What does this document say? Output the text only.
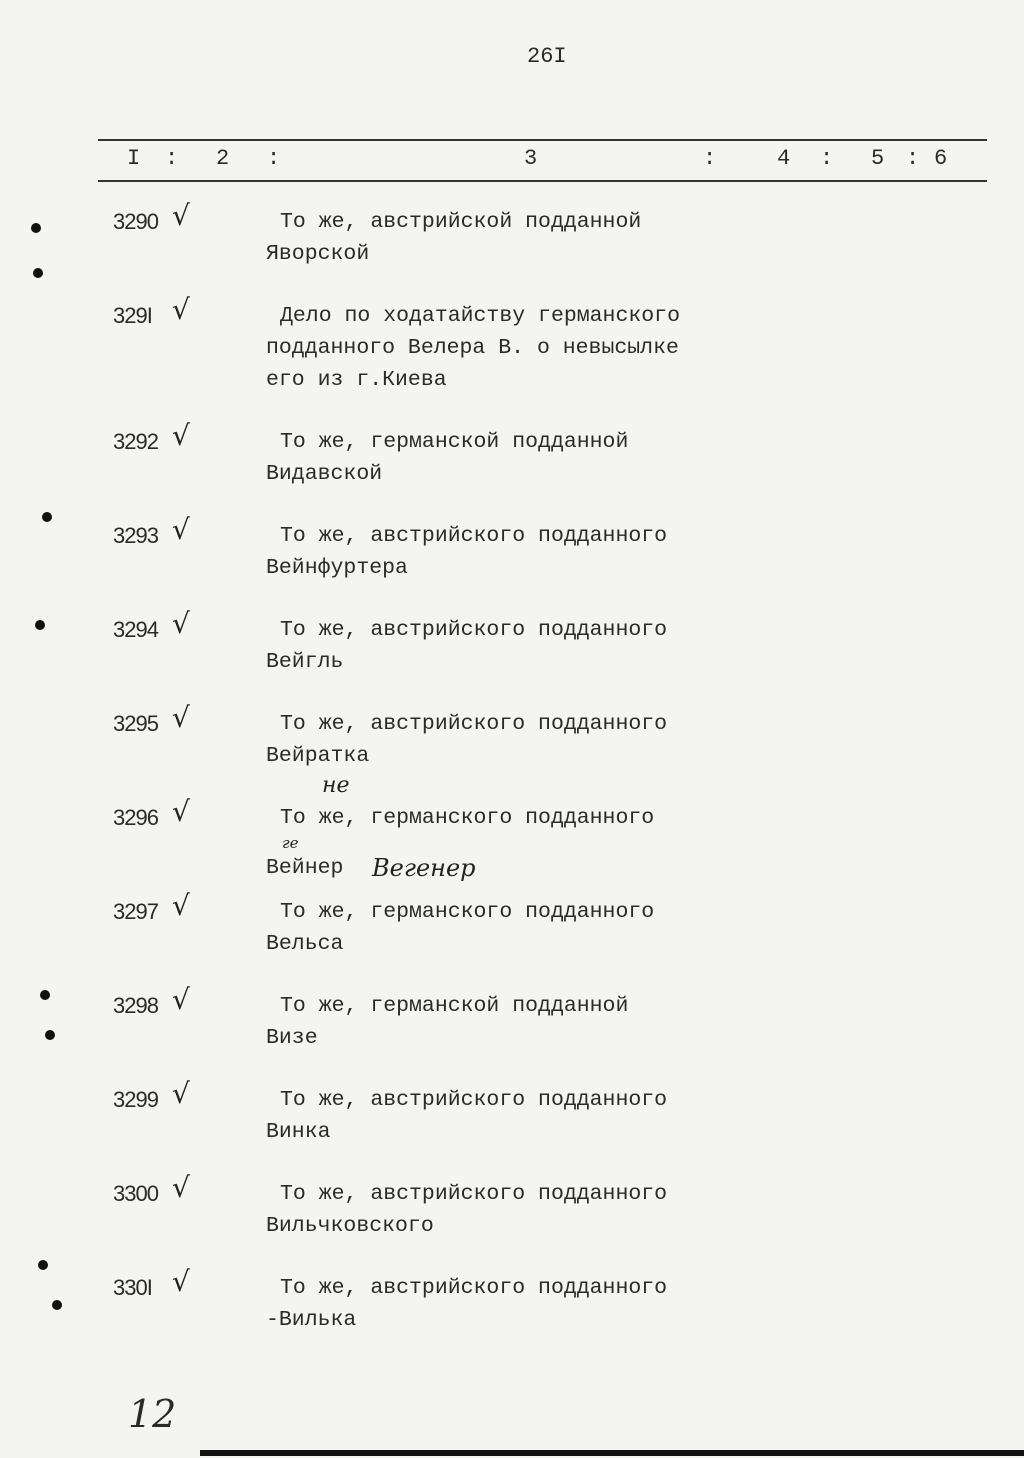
26I
I : 2 :	3	:	4 : 5 : 6
3290 √	То же, австрийской подданной
Яворской
329I √	Дело по ходатайству германского
подданного Велера В. о невысылке
его из г.Киева
3292 √	То же, германской подданной
Видавской
3293 √	То же, австрийского подданного
Вейнфуртера
3294 √	То же, австрийского подданного
Вейгль
3295 √	То же, австрийского подданного
Вейратка
не
3296 √	То же, германского подданного
Вейнер
ге
Вегенер
3297 √	То же, германского подданного
Вельса
3298 √	То же, германской подданной
Визе
3299 √	То же, австрийского подданного
Винка
3300 √	То же, австрийского подданного
Вильчковского
330I √	То же, австрийского подданного
-Вилька
12
